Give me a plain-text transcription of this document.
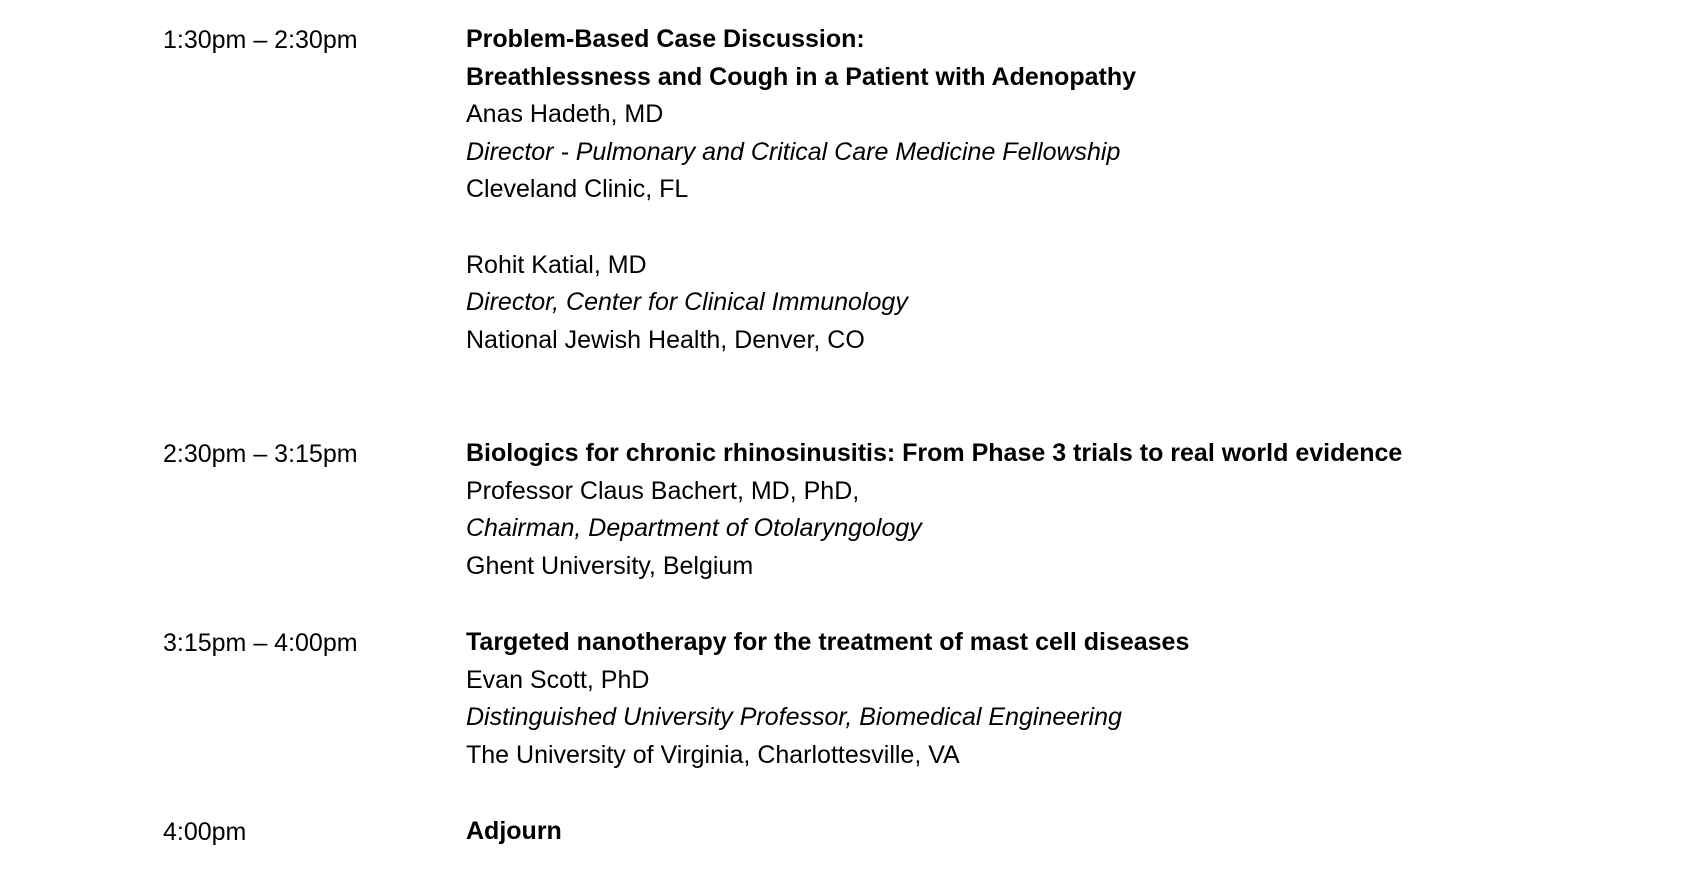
1:30pm – 2:30pm	Problem-Based Case Discussion:
Breathlessness and Cough in a Patient with Adenopathy
Anas Hadeth, MD
Director - Pulmonary and Critical Care Medicine Fellowship
Cleveland Clinic, FL
Rohit Katial, MD
Director, Center for Clinical Immunology
National Jewish Health, Denver, CO
2:30pm – 3:15pm	Biologics for chronic rhinosinusitis: From Phase 3 trials to real world evidence
Professor Claus Bachert, MD, PhD,
Chairman, Department of Otolaryngology
Ghent University, Belgium
3:15pm – 4:00pm	Targeted nanotherapy for the treatment of mast cell diseases
Evan Scott, PhD
Distinguished University Professor, Biomedical Engineering
The University of Virginia, Charlottesville, VA
4:00pm	Adjourn
